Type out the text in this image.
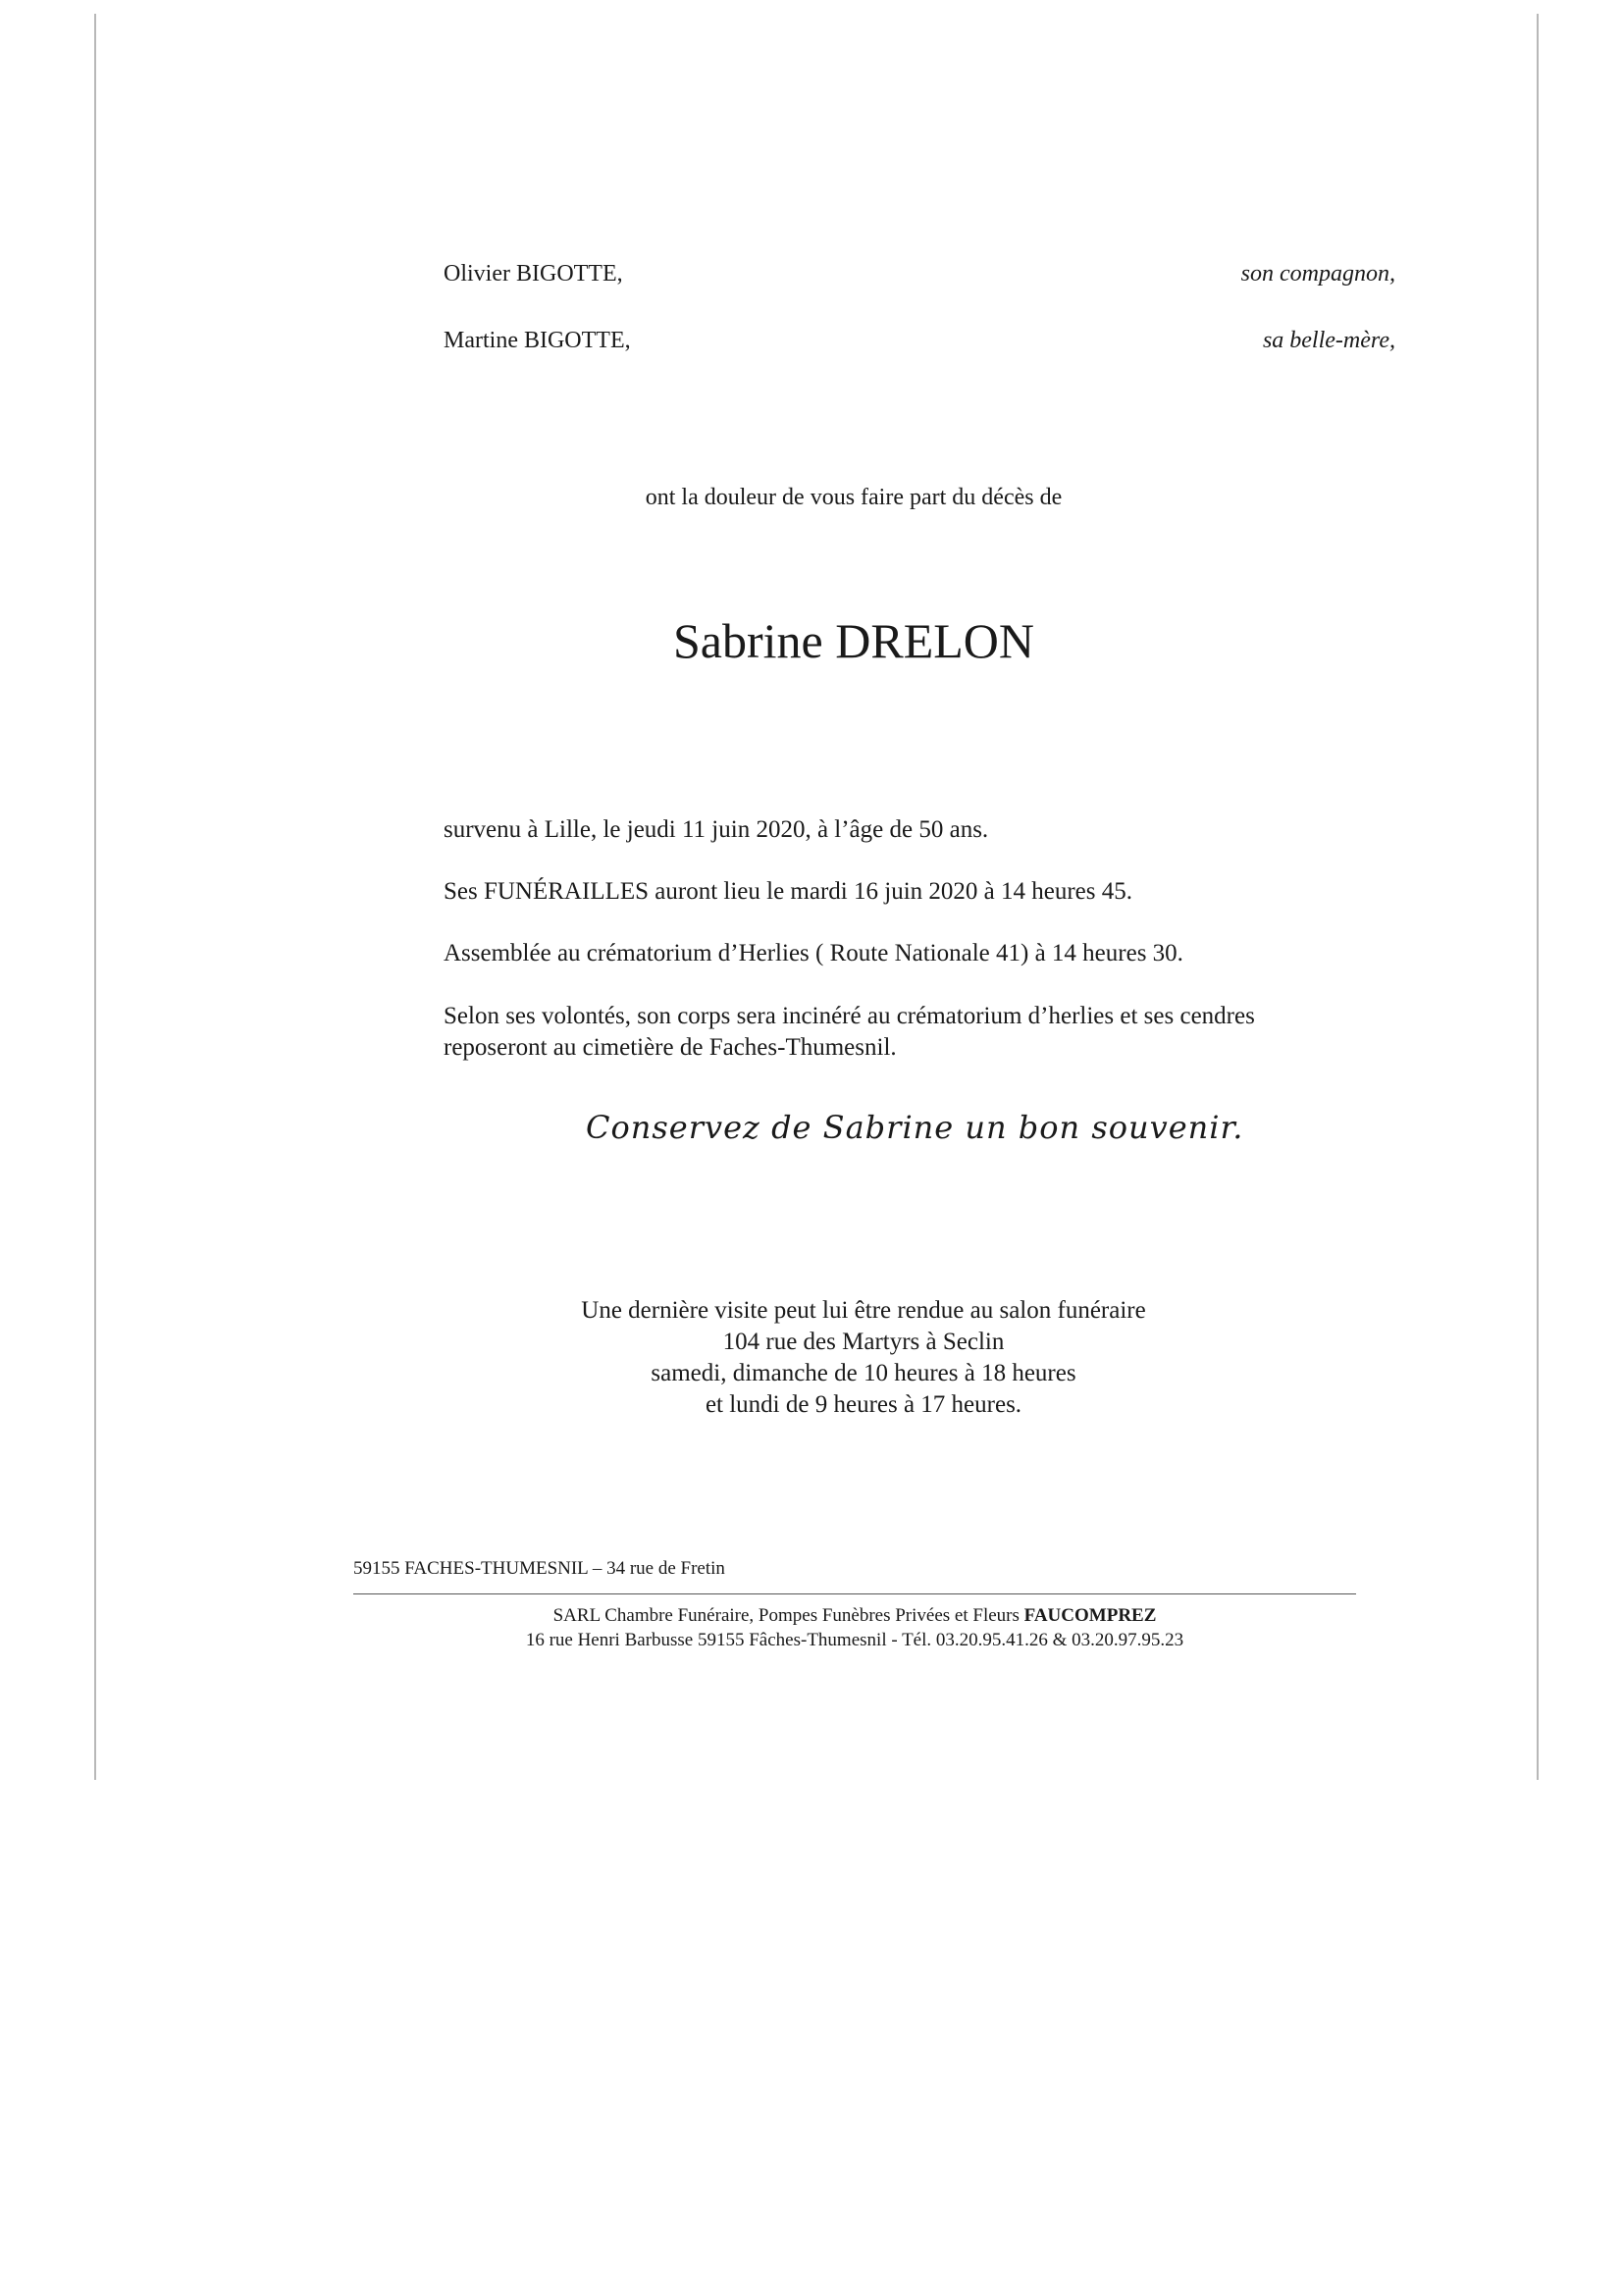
Olivier BIGOTTE,	son compagnon,
Martine BIGOTTE,	sa belle-mère,
ont la douleur de vous faire part du décès de
Sabrine DRELON
survenu à Lille, le jeudi 11 juin 2020, à l’âge de 50 ans.
Ses FUNÉRAILLES auront lieu le mardi 16 juin 2020 à 14 heures 45.
Assemblée au crématorium d’Herlies ( Route Nationale 41) à 14 heures 30.
Selon ses volontés, son corps sera incinéré au crématorium d’herlies et ses cendres
reposeront au cimetière de Faches-Thumesnil.
Conservez de Sabrine un bon souvenir.
Une dernière visite peut lui être rendue au salon funéraire
104 rue des Martyrs à Seclin
samedi, dimanche de 10 heures à 18 heures
et lundi de 9 heures à 17 heures.
59155 FACHES-THUMESNIL – 34 rue de Fretin
SARL Chambre Funéraire, Pompes Funèbres Privées et Fleurs FAUCOMPREZ
16 rue Henri Barbusse 59155 Fâches-Thumesnil - Tél. 03.20.95.41.26 & 03.20.97.95.23
